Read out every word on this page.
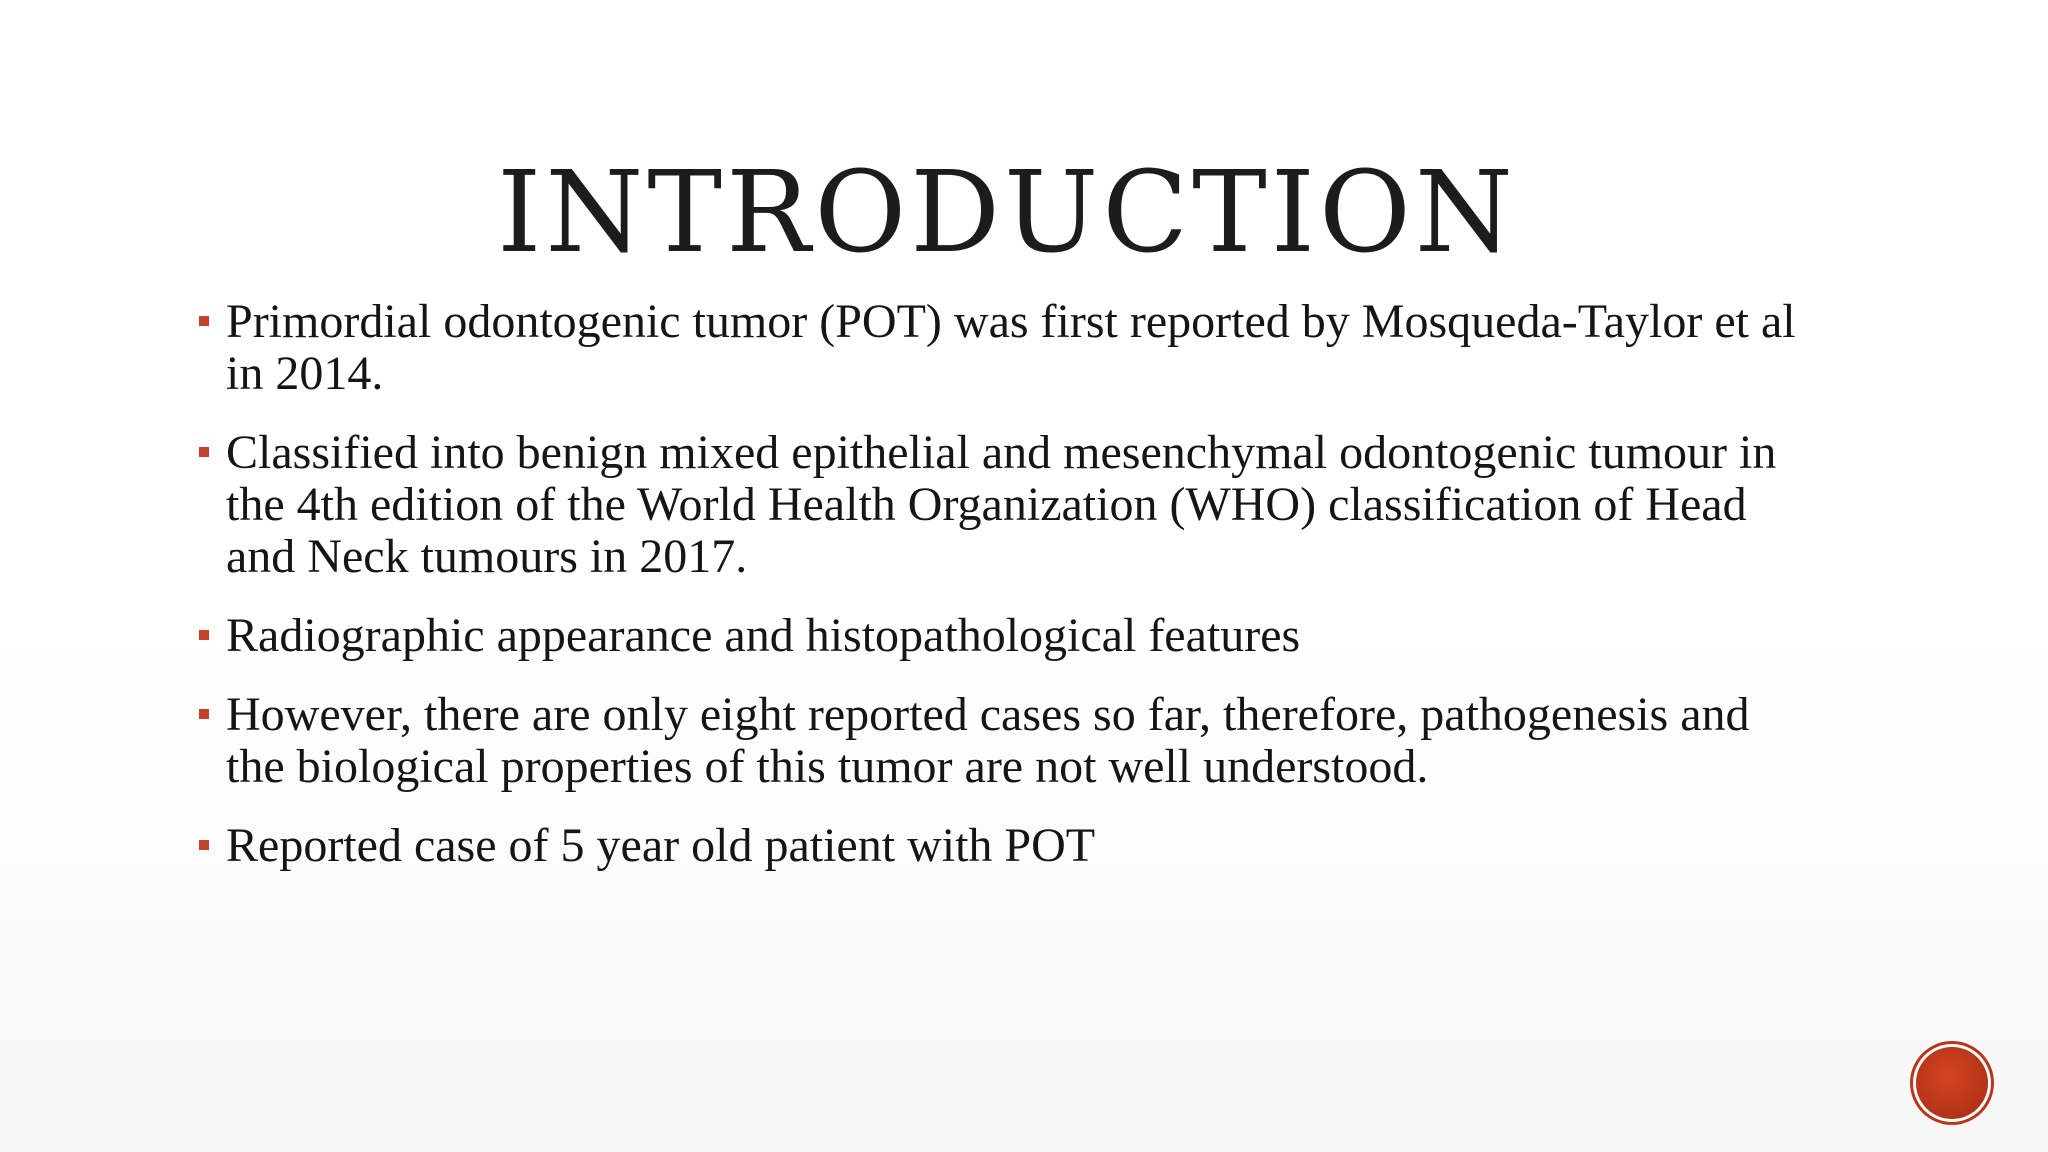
INTRODUCTION
Primordial odontogenic tumor (POT) was first reported by Mosqueda-Taylor et al in 2014.
Classified into benign mixed epithelial and mesenchymal odontogenic tumour in the 4th edition of the World Health Organization (WHO) classification of Head and Neck tumours in 2017.
Radiographic appearance and histopathological features
However, there are only eight reported cases so far, therefore, pathogenesis and the biological properties of this tumor are not well understood.
Reported case of 5 year old patient with POT
